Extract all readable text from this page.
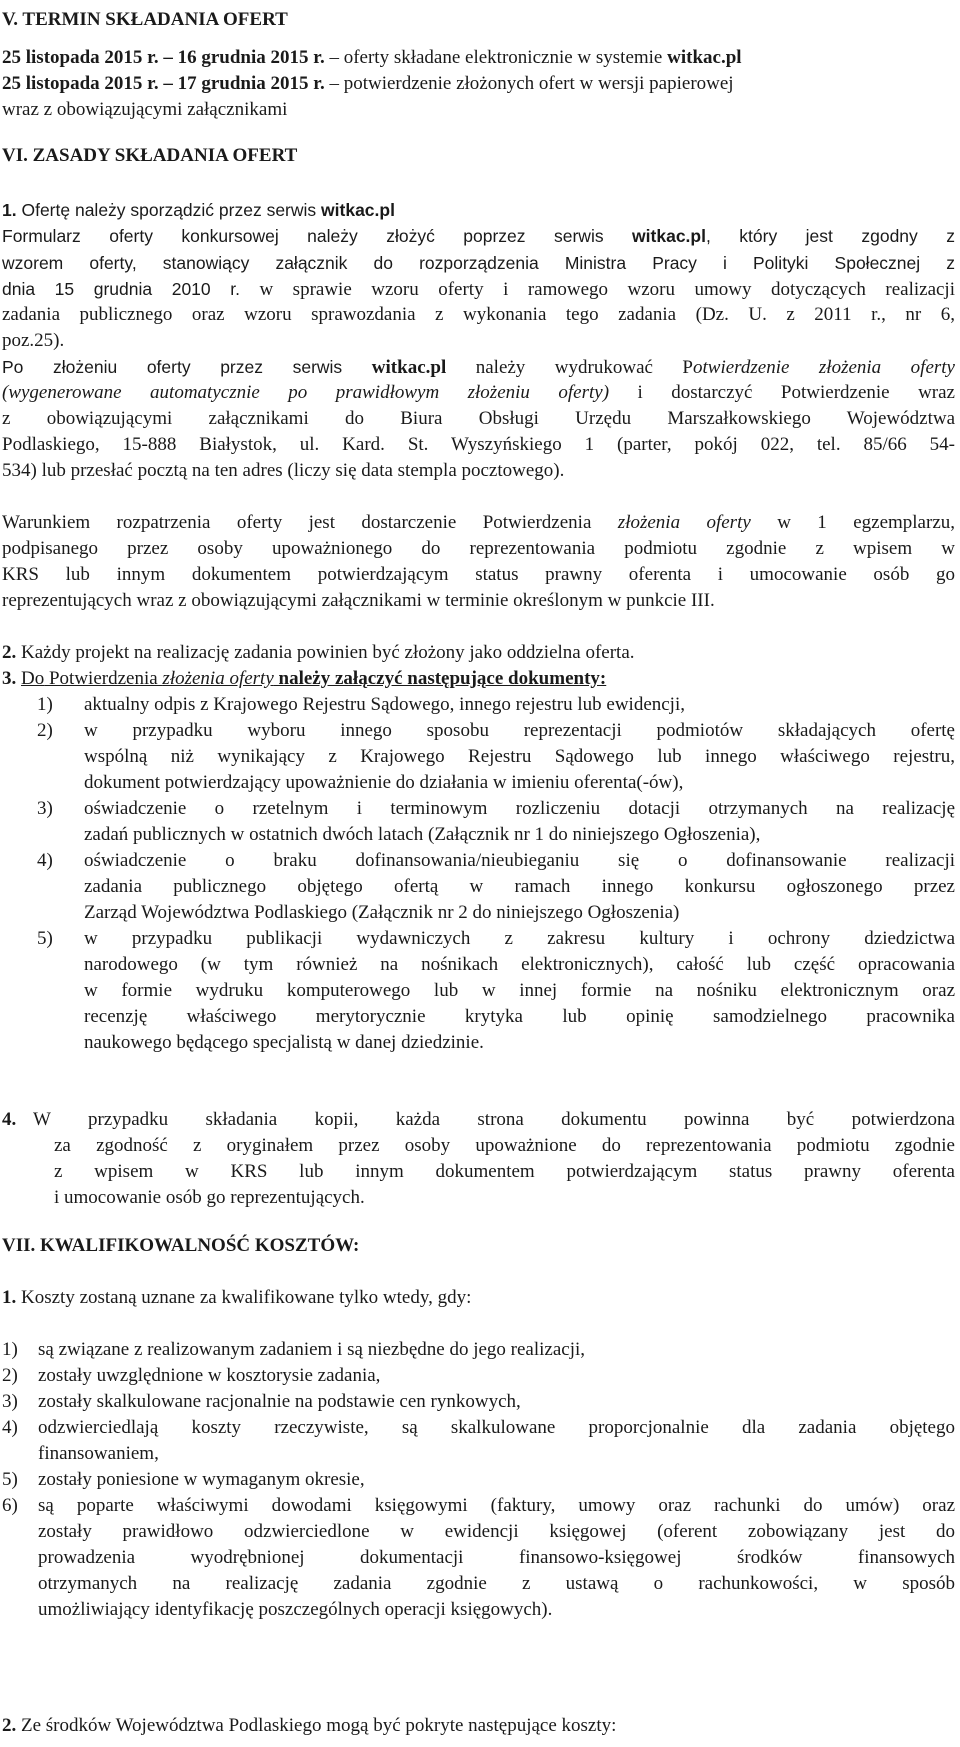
V. TERMIN SKŁADANIA OFERT
25 listopada 2015 r. – 16 grudnia 2015 r. – oferty składane elektronicznie w systemie witkac.pl
25 listopada 2015 r. – 17 grudnia 2015 r. – potwierdzenie złożonych ofert w wersji papierowej
wraz z obowiązującymi załącznikami
VI. ZASADY SKŁADANIA OFERT
1. Ofertę należy sporządzić przez serwis witkac.pl
Formularz oferty konkursowej należy złożyć poprzez serwis witkac.pl, który jest zgodny z
wzorem oferty, stanowiący załącznik do rozporządzenia Ministra Pracy i Polityki Społecznej z
dnia 15 grudnia 2010 r. w sprawie wzoru oferty i ramowego wzoru umowy dotyczących realizacji
zadania publicznego oraz wzoru sprawozdania z wykonania tego zadania (Dz. U. z 2011 r., nr 6,
poz.25).
Po złożeniu oferty przez serwis witkac.pl należy wydrukować Potwierdzenie złożenia oferty
(wygenerowane automatycznie po prawidłowym złożeniu oferty) i dostarczyć Potwierdzenie wraz
z obowiązującymi załącznikami do Biura Obsługi Urzędu Marszałkowskiego Województwa
Podlaskiego, 15-888 Białystok, ul. Kard. St. Wyszyńskiego 1 (parter, pokój 022, tel. 85/66 54-
534) lub przesłać pocztą na ten adres (liczy się data stempla pocztowego).
Warunkiem rozpatrzenia oferty jest dostarczenie Potwierdzenia złożenia oferty w 1 egzemplarzu,
podpisanego przez osoby upoważnionego do reprezentowania podmiotu zgodnie z wpisem w
KRS lub innym dokumentem potwierdzającym status prawny oferenta i umocowanie osób go
reprezentujących wraz z obowiązującymi załącznikami w terminie określonym w punkcie III.
2. Każdy projekt na realizację zadania powinien być złożony jako oddzielna oferta.
3. Do Potwierdzenia złożenia oferty należy załączyć następujące dokumenty:
1) aktualny odpis z Krajowego Rejestru Sądowego, innego rejestru lub ewidencji,
2) w przypadku wyboru innego sposobu reprezentacji podmiotów składających ofertę
wspólną niż wynikający z Krajowego Rejestru Sądowego lub innego właściwego rejestru,
dokument potwierdzający upoważnienie do działania w imieniu oferenta(-ów),
3) oświadczenie o rzetelnym i terminowym rozliczeniu dotacji otrzymanych na realizację
zadań publicznych w ostatnich dwóch latach (Załącznik nr 1 do niniejszego Ogłoszenia),
4) oświadczenie o braku dofinansowania/nieubieganiu się o dofinansowanie realizacji
zadania publicznego objętego ofertą w ramach innego konkursu ogłoszonego przez
Zarząd Województwa Podlaskiego (Załącznik nr 2 do niniejszego Ogłoszenia)
5) w przypadku publikacji wydawniczych z zakresu kultury i ochrony dziedzictwa
narodowego (w tym również na nośnikach elektronicznych), całość lub część opracowania
w formie wydruku komputerowego lub w innej formie na nośniku elektronicznym oraz
recenzję właściwego merytorycznie krytyka lub opinię samodzielnego pracownika
naukowego będącego specjalistą w danej dziedzinie.
4. W przypadku składania kopii, każda strona dokumentu powinna być potwierdzona
za zgodność z oryginałem przez osoby upoważnione do reprezentowania podmiotu zgodnie
z wpisem w KRS lub innym dokumentem potwierdzającym status prawny oferenta
i umocowanie osób go reprezentujących.
VII. KWALIFIKOWALNOŚĆ KOSZTÓW:
1. Koszty zostaną uznane za kwalifikowane tylko wtedy, gdy:
1) są związane z realizowanym zadaniem i są niezbędne do jego realizacji,
2) zostały uwzględnione w kosztorysie zadania,
3) zostały skalkulowane racjonalnie na podstawie cen rynkowych,
4) odzwierciedlają koszty rzeczywiste, są skalkulowane proporcjonalnie dla zadania objętego
finansowaniem,
5) zostały poniesione w wymaganym okresie,
6) są poparte właściwymi dowodami księgowymi (faktury, umowy oraz rachunki do umów) oraz
zostały prawidłowo odzwierciedlone w ewidencji księgowej (oferent zobowiązany jest do
prowadzenia wyodrębnionej dokumentacji finansowo-księgowej środków finansowych
otrzymanych na realizację zadania zgodnie z ustawą o rachunkowości, w sposób
umożliwiający identyfikację poszczególnych operacji księgowych).
2. Ze środków Województwa Podlaskiego mogą być pokryte następujące koszty:
